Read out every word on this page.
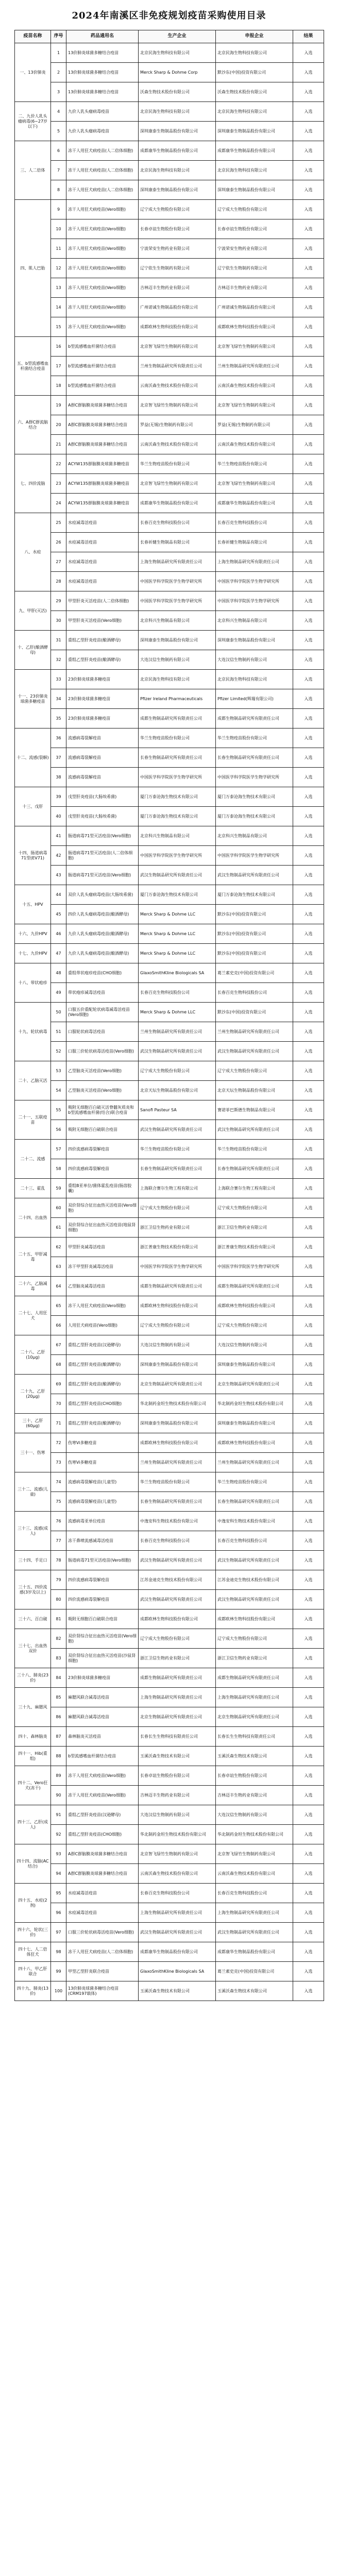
2024年南溪区非免疫规划疫苗采购使用目录
疫苗名称	序号	药品通用名	生产企业	申报企业	结果
一、13价肺炎	1	13价肺炎球菌多糖结合疫苗	北京民海生物科技有限公司	北京民海生物科技有限公司	入选
	2	13价肺炎球菌多糖结合疫苗	Merck Sharp & Dohme Corp	默沙东(中国)投资有限公司	入选
	3	13价肺炎球菌多糖结合疫苗	沃森生物技术股份有限公司	沃森生物技术股份有限公司	入选
二、九价人乳头瘤病毒(6~27岁以下)	4	九价人乳头瘤病毒疫苗	北京民海生物科技有限公司	北京民海生物科技有限公司	入选
	5	九价人乳头瘤病毒疫苗	深圳康泰生物制品股份有限公司	深圳康泰生物制品股份有限公司	入选
三、人二倍体	6	冻干人用狂犬病疫苗(人二倍体细胞)	成都康华生物制品股份有限公司	成都康华生物制品股份有限公司	入选
	7	冻干人用狂犬病疫苗(人二倍体细胞)	北京民海生物科技有限公司	北京民海生物科技有限公司	入选
	8	冻干人用狂犬病疫苗(人二倍体细胞)	深圳康泰生物制品股份有限公司	深圳康泰生物制品股份有限公司	入选
四、肌人巴胎	9	冻干人用狂犬病疫苗(Vero细胞)	辽宁成大生物股份有限公司	辽宁成大生物股份有限公司	入选
	10	冻干人用狂犬病疫苗(Vero细胞)	长春卓谊生物股份有限公司	长春卓谊生物股份有限公司	入选
	11	冻干人用狂犬病疫苗(Vero细胞)	宁波荣安生物药业有限公司	宁波荣安生物药业有限公司	入选
	12	冻干人用狂犬病疫苗(Vero细胞)	辽宁依生生物制药有限公司	辽宁依生生物制药有限公司	入选
	13	冻干人用狂犬病疫苗(Vero细胞)	吉林迈丰生物药业有限公司	吉林迈丰生物药业有限公司	入选
	14	冻干人用狂犬病疫苗(Vero细胞)	广州诺诚生物制品股份有限公司	广州诺诚生物制品股份有限公司	入选
	15	冻干人用狂犬病疫苗(Vero细胞)	成都欧林生物科技股份有限公司	成都欧林生物科技股份有限公司	入选
五、b型流感嗜血杆菌结合疫苗	16	b型流感嗜血杆菌结合疫苗	北京智飞绿竹生物制药有限公司	北京智飞绿竹生物制药有限公司	入选
	17	b型流感嗜血杆菌结合疫苗	兰州生物制品研究所有限责任公司	兰州生物制品研究所有限责任公司	入选
	18	b型流感嗜血杆菌结合疫苗	云南沃森生物技术股份有限公司	云南沃森生物技术股份有限公司	入选
六、A群C群流脑结合	19	A群C群脑膜炎球菌多糖结合疫苗	北京智飞绿竹生物制药有限公司	北京智飞绿竹生物制药有限公司	入选
	20	A群C群脑膜炎球菌多糖结合疫苗	罗益(无锡)生物制药有限公司	罗益(无锡)生物制药有限公司	入选
	21	A群C群脑膜炎球菌多糖结合疫苗	云南沃森生物技术股份有限公司	云南沃森生物技术股份有限公司	入选
七、四价流脑	22	ACYW135群脑膜炎球菌多糖疫苗	华兰生物疫苗股份有限公司	华兰生物疫苗股份有限公司	入选
	23	ACYW135群脑膜炎球菌多糖疫苗	北京智飞绿竹生物制药有限公司	北京智飞绿竹生物制药有限公司	入选
	24	ACYW135群脑膜炎球菌多糖疫苗	成都康华生物制品股份有限公司	成都康华生物制品股份有限公司	入选
八、水痘	25	水痘减毒活疫苗	长春百克生物科技股份公司	长春百克生物科技股份公司	入选
	26	水痘减毒活疫苗	长春祈健生物制品有限公司	长春祈健生物制品有限公司	入选
	27	水痘减毒活疫苗	上海生物制品研究所有限责任公司	上海生物制品研究所有限责任公司	入选
	28	水痘减毒活疫苗	中国医学科学院医学生物学研究所	中国医学科学院医学生物学研究所	入选
九、甲肝(灭活)	29	甲型肝炎灭活疫苗(人二倍体细胞)	中国医学科学院医学生物学研究所	中国医学科学院医学生物学研究所	入选
	30	甲型肝炎灭活疫苗(Vero细胞)	北京科兴生物制品有限公司	北京科兴生物制品有限公司	入选
十、乙肝(酿酒酵母)	31	重组乙型肝炎疫苗(酿酒酵母)	深圳康泰生物制品股份有限公司	深圳康泰生物制品股份有限公司	入选
	32	重组乙型肝炎疫苗(酿酒酵母)	大连汉信生物制药有限公司	大连汉信生物制药有限公司	入选
十一、23价肺炎球菌多糖疫苗	33	23价肺炎球菌多糖疫苗	北京民海生物科技有限公司	北京民海生物科技有限公司	入选
	34	23价肺炎球菌多糖疫苗	Pfizer Ireland Pharmaceuticals	Pfizer Limited(辉瑞有限公司)	入选
	35	23价肺炎球菌多糖疫苗	成都生物制品研究所有限责任公司	成都生物制品研究所有限责任公司	入选
十二、流感(裂解)	36	流感病毒裂解疫苗	华兰生物疫苗股份有限公司	华兰生物疫苗股份有限公司	入选
	37	流感病毒裂解疫苗	长春生物制品研究所有限责任公司	长春生物制品研究所有限责任公司	入选
	38	流感病毒裂解疫苗	中国医学科学院医学生物学研究所	中国医学科学院医学生物学研究所	入选
十三、戊肝	39	戊型肝炎疫苗(大肠埃希菌)	厦门万泰沧海生物技术有限公司	厦门万泰沧海生物技术有限公司	入选
	40	戊型肝炎疫苗(大肠埃希菌)	厦门万泰沧海生物技术有限公司	厦门万泰沧海生物技术有限公司	入选
十四、肠道病毒71型(EV71)	41	肠道病毒71型灭活疫苗(Vero细胞)	北京科兴生物制品有限公司	北京科兴生物制品有限公司	入选
	42	肠道病毒71型灭活疫苗(人二倍体细胞)	中国医学科学院医学生物学研究所	中国医学科学院医学生物学研究所	入选
	43	肠道病毒71型灭活疫苗(Vero细胞)	武汉生物制品研究所有限责任公司	武汉生物制品研究所有限责任公司	入选
十五、HPV	44	双价人乳头瘤病毒疫苗(大肠埃希菌)	厦门万泰沧海生物技术有限公司	厦门万泰沧海生物技术有限公司	入选
	45	四价人乳头瘤病毒疫苗(酿酒酵母)	Merck Sharp & Dohme LLC	默沙东(中国)投资有限公司	入选
十六、九价HPV	46	九价人乳头瘤病毒疫苗(酿酒酵母)	Merck Sharp & Dohme LLC	默沙东(中国)投资有限公司	入选
十七、九价HPV	47	九价人乳头瘤病毒疫苗(酿酒酵母)	Merck Sharp & Dohme LLC	默沙东(中国)投资有限公司	入选
十八、带状疱疹	48	重组带状疱疹疫苗(CHO细胞)	GlaxoSmithKline Biologicals SA	葛兰素史克(中国)投资有限公司	入选
	49	带状疱疹减毒活疫苗	长春百克生物科技股份公司	长春百克生物科技股份公司	入选
十九、轮状病毒	50	口服五价重配轮状病毒减毒活疫苗(Vero细胞)	Merck Sharp & Dohme LLC	默沙东(中国)投资有限公司	入选
	51	口服轮状病毒活疫苗	兰州生物制品研究所有限责任公司	兰州生物制品研究所有限责任公司	入选
	52	口服三价轮状病毒活疫苗(Vero细胞)	武汉生物制品研究所有限责任公司	武汉生物制品研究所有限责任公司	入选
二十、乙脑灭活	53	乙型脑炎灭活疫苗(Vero细胞)	辽宁成大生物股份有限公司	辽宁成大生物股份有限公司	入选
	54	乙型脑炎灭活疫苗(Vero细胞)	北京天坛生物制品股份有限公司	北京天坛生物制品股份有限公司	入选
二十一、五联疫苗	55	吸附无细胞百白破灭活脊髓灰质炎和b型流感嗜血杆菌(结合)联合疫苗	Sanofi Pasteur SA	赛诺菲巴斯德生物制品有限公司	入选
	56	吸附无细胞百白破联合疫苗	武汉生物制品研究所有限责任公司	武汉生物制品研究所有限责任公司	入选
二十二、流感	57	四价流感病毒裂解疫苗	华兰生物疫苗股份有限公司	华兰生物疫苗股份有限公司	入选
	58	四价流感病毒裂解疫苗	长春生物制品研究所有限责任公司	长春生物制品研究所有限责任公司	入选
二十三、霍乱	59	重组B亚单位/菌体霍乱疫苗(肠溶胶囊)	上海联合赛尔生物工程有限公司	上海联合赛尔生物工程有限公司	入选
二十四、出血热	60	双价肾综合征出血热灭活疫苗(Vero细胞)	辽宁成大生物股份有限公司	辽宁成大生物股份有限公司	入选
	61	双价肾综合征出血热灭活疫苗(地鼠肾细胞)	浙江卫信生物药业有限公司	浙江卫信生物药业有限公司	入选
二十五、甲肝减毒	62	甲型肝炎减毒活疫苗	浙江普康生物技术股份有限公司	浙江普康生物技术股份有限公司	入选
	63	冻干甲型肝炎减毒活疫苗	中国医学科学院医学生物学研究所	中国医学科学院医学生物学研究所	入选
二十六、乙脑减毒	64	乙型脑炎减毒活疫苗	成都生物制品研究所有限责任公司	成都生物制品研究所有限责任公司	入选
二十七、人用狂犬	65	冻干人用狂犬病疫苗(Vero细胞)	成都欧林生物科技股份有限公司	成都欧林生物科技股份有限公司	入选
	66	人用狂犬病疫苗(Vero细胞)	辽宁成大生物股份有限公司	辽宁成大生物股份有限公司	入选
二十八、乙肝(10μg)	67	重组乙型肝炎疫苗(汉逊酵母)	大连汉信生物制药有限公司	大连汉信生物制药有限公司	入选
	68	重组乙型肝炎疫苗(酿酒酵母)	深圳康泰生物制品股份有限公司	深圳康泰生物制品股份有限公司	入选
二十九、乙肝(20μg)	69	重组乙型肝炎疫苗(酿酒酵母)	北京生物制品研究所有限责任公司	北京生物制品研究所有限责任公司	入选
	70	重组乙型肝炎疫苗(CHO细胞)	华北制药金坦生物技术股份有限公司	华北制药金坦生物技术股份有限公司	入选
三十、乙肝(60μg)	71	重组乙型肝炎疫苗(酿酒酵母)	深圳康泰生物制品股份有限公司	深圳康泰生物制品股份有限公司	入选
三十一、伤寒	72	伤寒Vi多糖疫苗	成都欧林生物科技股份有限公司	成都欧林生物科技股份有限公司	入选
	73	伤寒Vi多糖疫苗	兰州生物制品研究所有限责任公司	兰州生物制品研究所有限责任公司	入选
三十二、流感(儿童)	74	流感病毒裂解疫苗(儿童型)	华兰生物疫苗股份有限公司	华兰生物疫苗股份有限公司	入选
	75	流感病毒裂解疫苗(儿童型)	长春生物制品研究所有限责任公司	长春生物制品研究所有限责任公司	入选
三十三、流感(成人)	76	流感病毒亚单位疫苗	中逸安科生物技术股份有限公司	中逸安科生物技术股份有限公司	入选
	77	冻干鼻喷流感减毒活疫苗	长春百克生物科技股份公司	长春百克生物科技股份公司	入选
三十四、手足口	78	肠道病毒71型灭活疫苗(Vero细胞)	武汉生物制品研究所有限责任公司	武汉生物制品研究所有限责任公司	入选
三十五、四价流感(3岁及以上)	79	四价流感病毒裂解疫苗	江苏金迪克生物技术股份有限公司	江苏金迪克生物技术股份有限公司	入选
	80	四价流感病毒裂解疫苗	武汉生物制品研究所有限责任公司	武汉生物制品研究所有限责任公司	入选
三十六、百白破	81	吸附无细胞百白破联合疫苗	成都欧林生物科技股份有限公司	成都欧林生物科技股份有限公司	入选
三十七、出血热双价	82	双价肾综合征出血热灭活疫苗(Vero细胞)	辽宁成大生物股份有限公司	辽宁成大生物股份有限公司	入选
	83	双价肾综合征出血热灭活疫苗(沙鼠肾细胞)	浙江卫信生物药业有限公司	浙江卫信生物药业有限公司	入选
三十八、肺炎(23价)	84	23价肺炎球菌多糖疫苗	成都生物制品研究所有限责任公司	成都生物制品研究所有限责任公司	入选
三十九、麻腮风	85	麻腮风联合减毒活疫苗	上海生物制品研究所有限责任公司	上海生物制品研究所有限责任公司	入选
	86	麻腮风联合减毒活疫苗	北京生物制品研究所有限责任公司	北京生物制品研究所有限责任公司	入选
四十、森林脑炎	87	森林脑炎灭活疫苗	长春长生生物科技有限责任公司	长春长生生物科技有限责任公司	入选
四十一、Hib(重组)	88	b型流感嗜血杆菌结合疫苗	玉溪沃森生物技术有限公司	玉溪沃森生物技术有限公司	入选
四十二、Vero狂犬(冻干)	89	冻干人用狂犬病疫苗(Vero细胞)	长春卓谊生物股份有限公司	长春卓谊生物股份有限公司	入选
	90	冻干人用狂犬病疫苗(Vero细胞)	吉林迈丰生物药业有限公司	吉林迈丰生物药业有限公司	入选
四十三、乙肝(成人)	91	重组乙型肝炎疫苗(汉逊酵母)	大连汉信生物制药有限公司	大连汉信生物制药有限公司	入选
	92	重组乙型肝炎疫苗(CHO细胞)	华北制药金坦生物技术股份有限公司	华北制药金坦生物技术股份有限公司	入选
四十四、流脑(AC结合)	93	A群C群脑膜炎球菌多糖结合疫苗	北京智飞绿竹生物制药有限公司	北京智飞绿竹生物制药有限公司	入选
	94	A群C群脑膜炎球菌多糖结合疫苗	云南沃森生物技术股份有限公司	云南沃森生物技术股份有限公司	入选
四十五、水痘(2剂)	95	水痘减毒活疫苗	长春百克生物科技股份公司	长春百克生物科技股份公司	入选
	96	水痘减毒活疫苗	上海生物制品研究所有限责任公司	上海生物制品研究所有限责任公司	入选
四十六、轮状(三价)	97	口服三价轮状病毒活疫苗(Vero细胞)	武汉生物制品研究所有限责任公司	武汉生物制品研究所有限责任公司	入选
四十七、人二倍体狂犬	98	冻干人用狂犬病疫苗(人二倍体细胞)	成都康华生物制品股份有限公司	成都康华生物制品股份有限公司	入选
四十八、甲乙肝联合	99	甲型乙型肝炎联合疫苗	GlaxoSmithKline Biologicals SA	葛兰素史克(中国)投资有限公司	入选
四十九、肺炎(13价)	100	13价肺炎球菌多糖结合疫苗(CRM197载体)	玉溪沃森生物技术有限公司	玉溪沃森生物技术有限公司	入选
